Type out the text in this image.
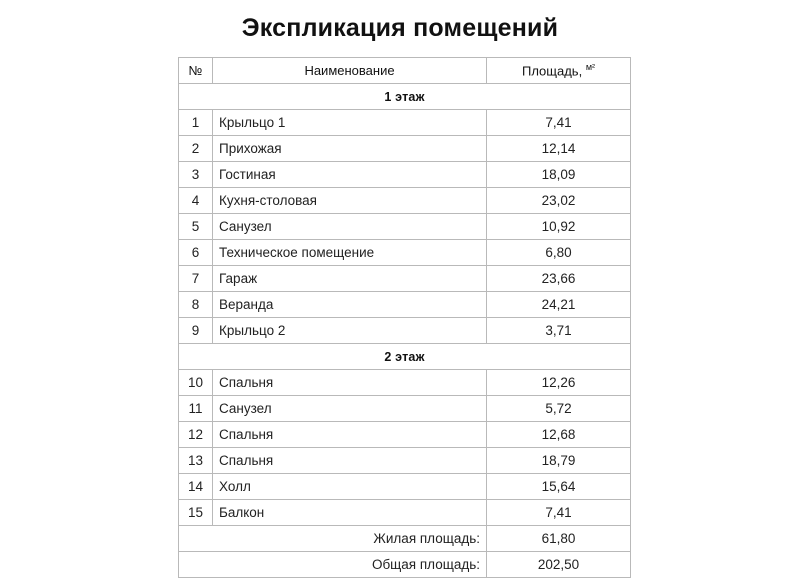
Экспликация помещений
№	Наименование	Площадь, $^{м^2}$
1 этаж		
1	Крыльцо 1	7,41
2	Прихожая	12,14
3	Гостиная	18,09
4	Кухня-столовая	23,02
5	Санузел	10,92
6	Техническое помещение	6,80
7	Гараж	23,66
8	Веранда	24,21
9	Крыльцо 2	3,71
2 этаж		
10	Спальня	12,26
11	Санузел	5,72
12	Спальня	12,68
13	Спальня	18,79
14	Холл	15,64
15	Балкон	7,41
Жилая площадь:		61,80
Общая площадь:		202,50
